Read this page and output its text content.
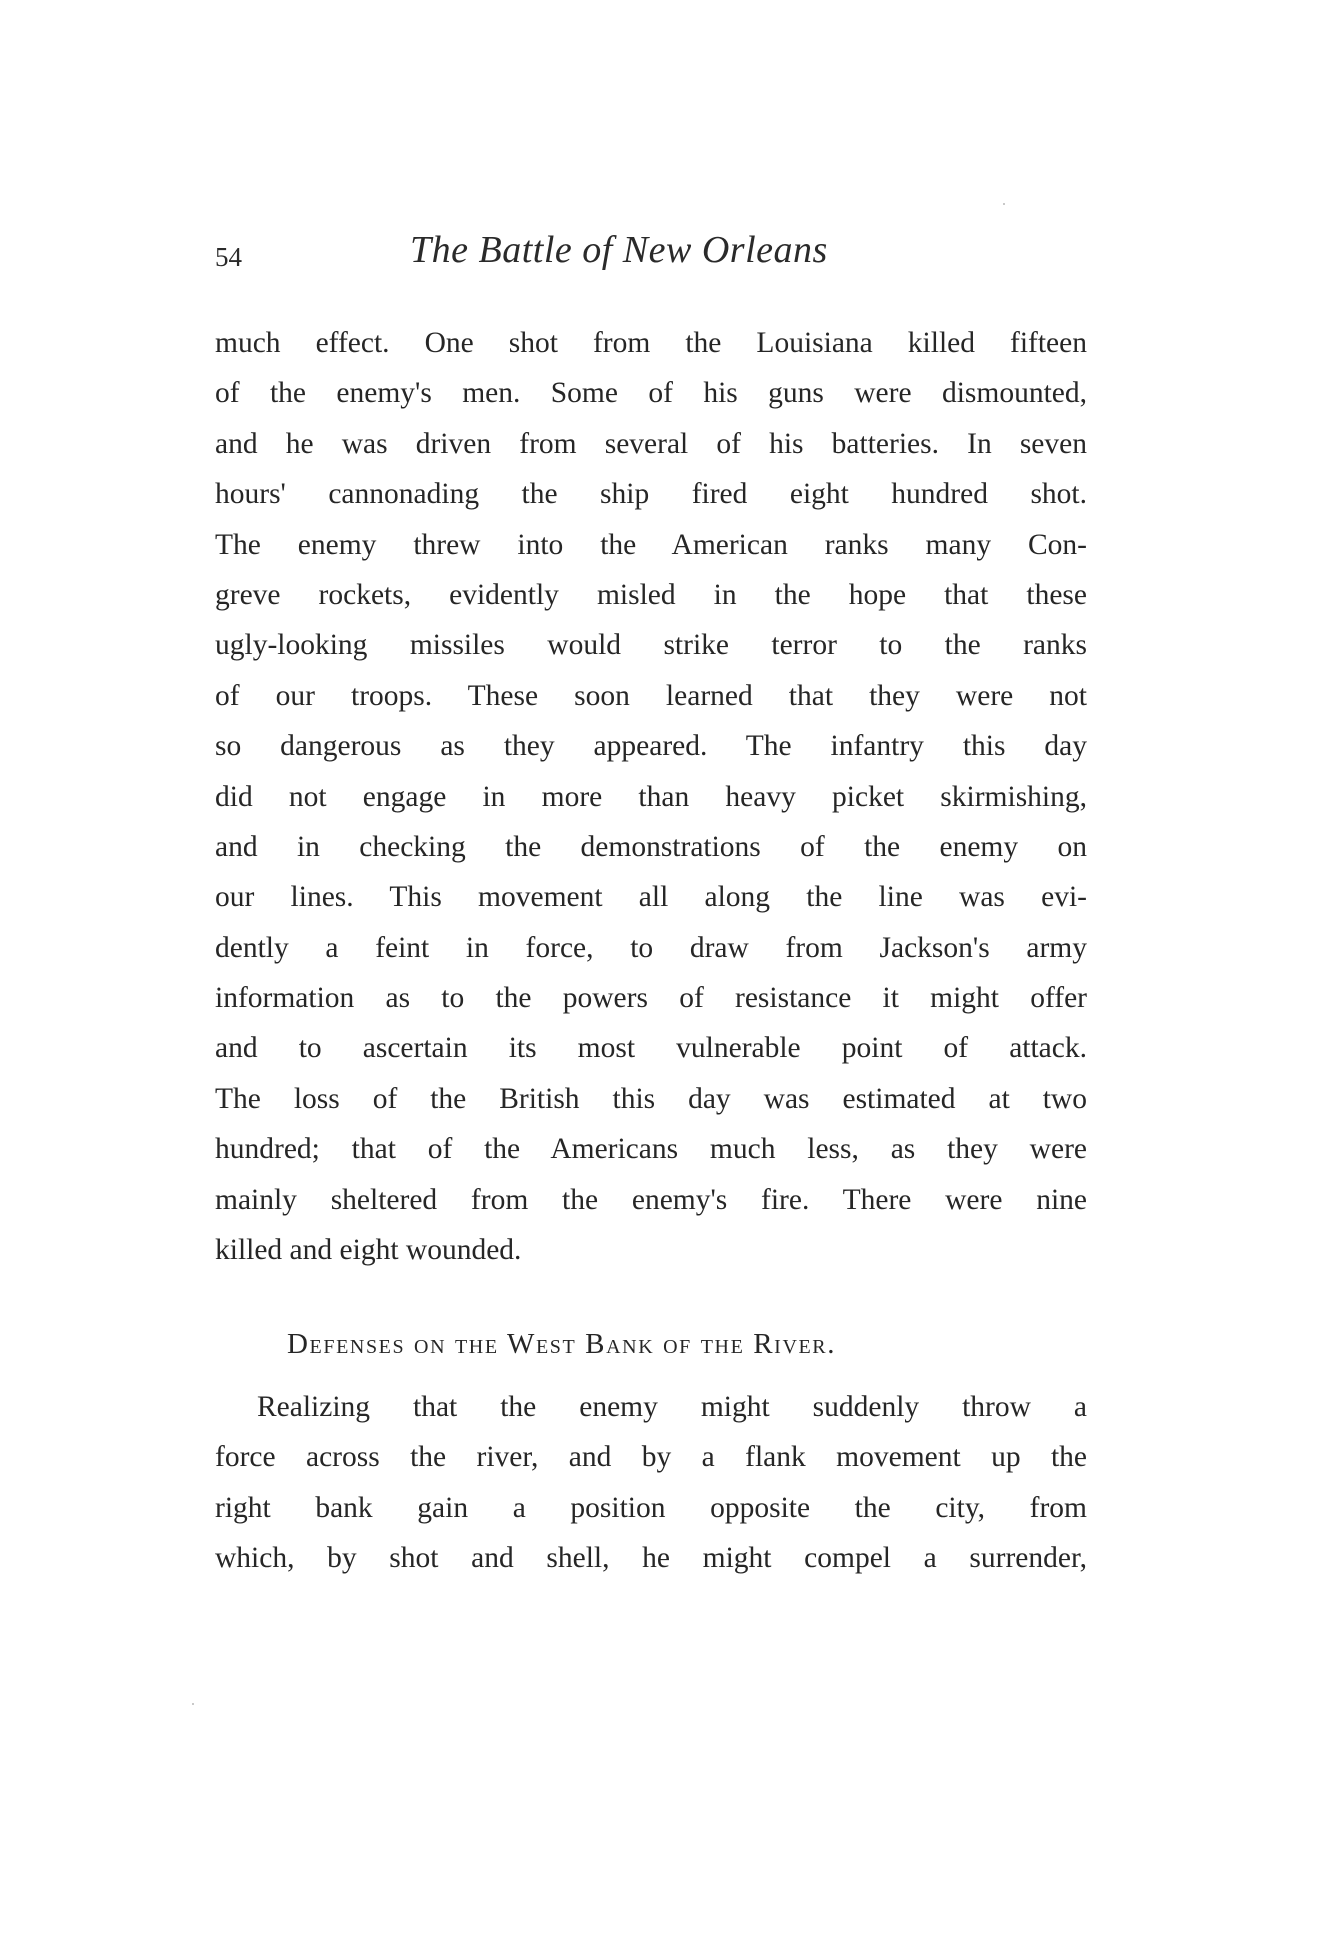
54	The Battle of New Orleans
much effect. One shot from the Louisiana killed fifteen
of the enemy's men. Some of his guns were dismounted,
and he was driven from several of his batteries. In seven
hours' cannonading the ship fired eight hundred shot.
The enemy threw into the American ranks many Con-
greve rockets, evidently misled in the hope that these
ugly-looking missiles would strike terror to the ranks
of our troops. These soon learned that they were not
so dangerous as they appeared. The infantry this day
did not engage in more than heavy picket skirmishing,
and in checking the demonstrations of the enemy on
our lines. This movement all along the line was evi-
dently a feint in force, to draw from Jackson's army
information as to the powers of resistance it might offer
and to ascertain its most vulnerable point of attack.
The loss of the British this day was estimated at two
hundred; that of the Americans much less, as they were
mainly sheltered from the enemy's fire. There were nine
killed and eight wounded.
Defenses on the West Bank of the River.
Realizing that the enemy might suddenly throw a
force across the river, and by a flank movement up the
right bank gain a position opposite the city, from
which, by shot and shell, he might compel a surrender,
